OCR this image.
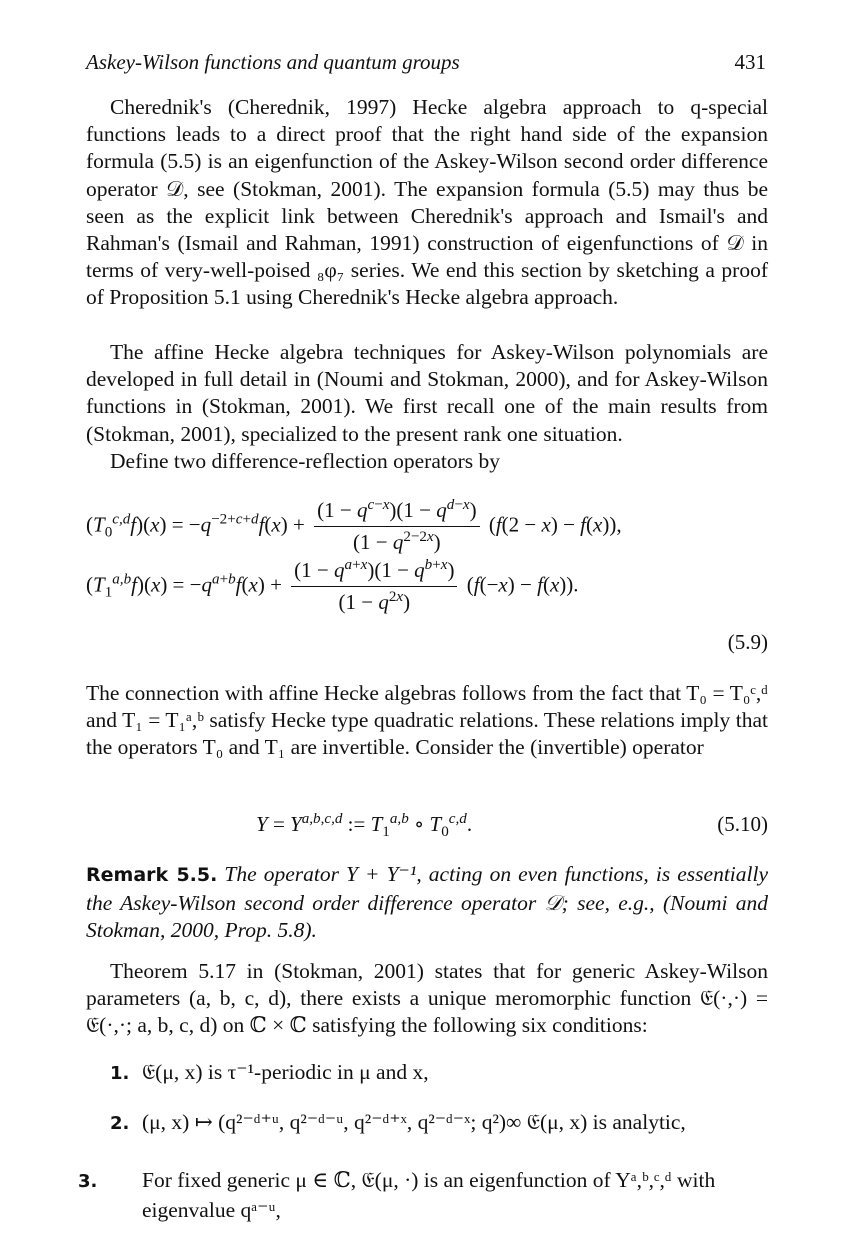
Askey-Wilson functions and quantum groups	431

Cherednik's (Cherednik, 1997) Hecke algebra approach to q-special functions leads to a direct proof that the right hand side of the expansion formula (5.5) is an eigenfunction of the Askey-Wilson second order difference operator 𝒟, see (Stokman, 2001). The expansion formula (5.5) may thus be seen as the explicit link between Cherednik's approach and Ismail's and Rahman's (Ismail and Rahman, 1991) construction of eigenfunctions of 𝒟 in terms of very-well-poised ₈φ₇ series. We end this section by sketching a proof of Proposition 5.1 using Cherednik's Hecke algebra approach.

The affine Hecke algebra techniques for Askey-Wilson polynomials are developed in full detail in (Noumi and Stokman, 2000), and for Askey-Wilson functions in (Stokman, 2001). We first recall one of the main results from (Stokman, 2001), specialized to the present rank one situation.

Define two difference-reflection operators by

$(T_0^{c,d}f)(x) = -q^{-2+c+d}f(x) + \frac{(1 - q^{c-x})(1 - q^{d-x})}{(1 - q^{2-2x})} (f(2 - x) - f(x))$,
$(T_1^{a,b}f)(x) = -q^{a+b}f(x) + \frac{(1 - q^{a+x})(1 - q^{b+x})}{(1 - q^{2x})} (f(-x) - f(x))$.
(5.9)

The connection with affine Hecke algebras follows from the fact that T₀ = T₀ᶜ,ᵈ and T₁ = T₁ᵃ,ᵇ satisfy Hecke type quadratic relations. These relations imply that the operators T₀ and T₁ are invertible. Consider the (invertible) operator

Y = Y$^{a,b,c,d}$ := $T_1^{a,b}$ ∘ $T_0^{c,d}$.	(5.10)
Remark 5.5. The operator Y + Y⁻¹, acting on even functions, is essentially the Askey-Wilson second order difference operator 𝒟; see, e.g., (Noumi and Stokman, 2000, Prop. 5.8).

Theorem 5.17 in (Stokman, 2001) states that for generic Askey-Wilson parameters (a, b, c, d), there exists a unique meromorphic function 𝔈(·,·) = 𝔈(·,·; a, b, c, d) on ℂ × ℂ satisfying the following six conditions:

1. 𝔈(μ, x) is τ⁻¹-periodic in μ and x,
2. (μ, x) ↦ (q²⁻ᵈ⁺ᵘ, q²⁻ᵈ⁻ᵘ, q²⁻ᵈ⁺ˣ, q²⁻ᵈ⁻ˣ; q²)∞ 𝔈(μ, x) is analytic,
3. For fixed generic μ ∈ ℂ, 𝔈(μ, ·) is an eigenfunction of Yᵃ,ᵇ,ᶜ,ᵈ with eigenvalue qᵃ⁻ᵘ,
